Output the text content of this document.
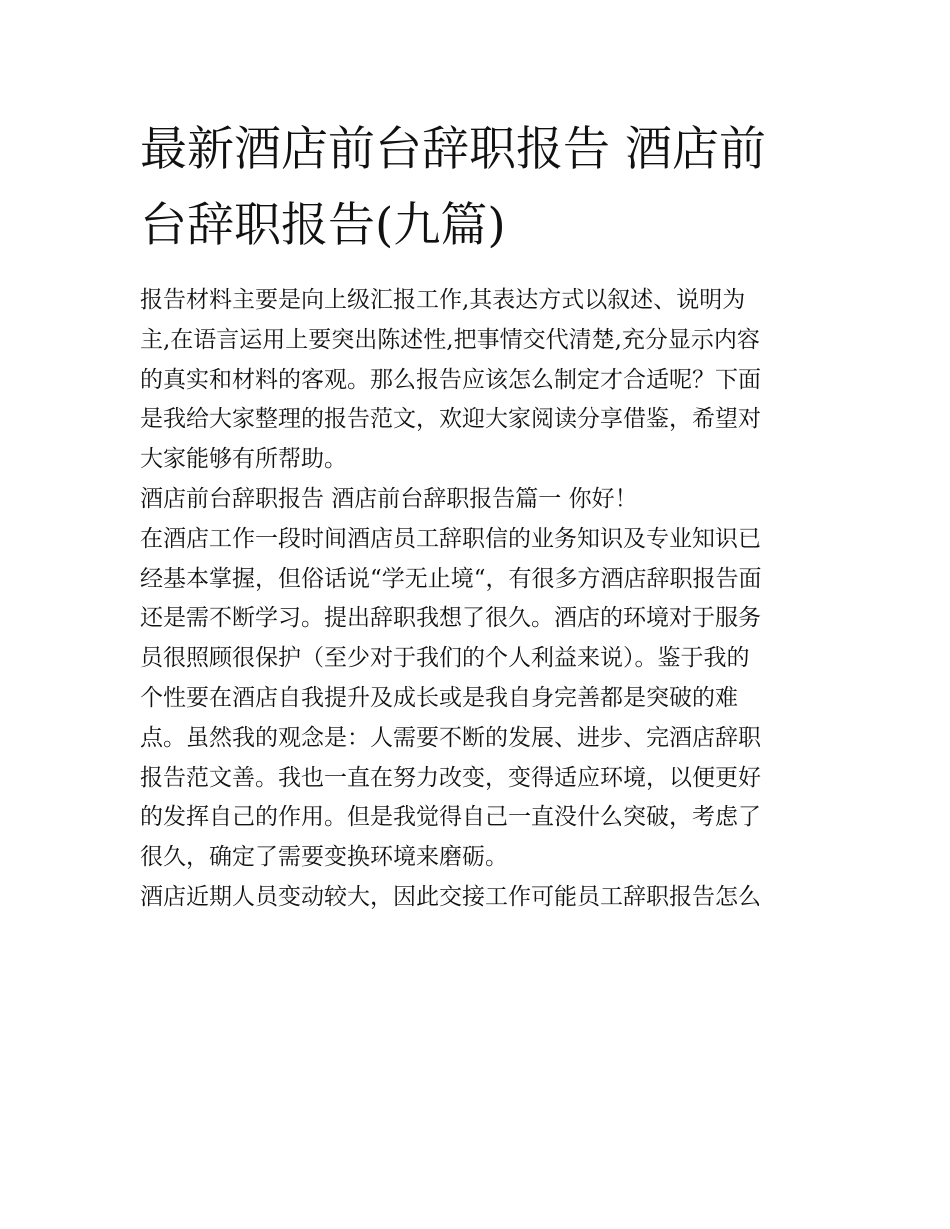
最新酒店前台辞职报告 酒店前
台辞职报告(九篇)

报告材料主要是向上级汇报工作,其表达方式以叙述、说明为
主,在语言运用上要突出陈述性,把事情交代清楚,充分显示内容
的真实和材料的客观。那么报告应该怎么制定才合适呢？下面
是我给大家整理的报告范文，欢迎大家阅读分享借鉴，希望对
大家能够有所帮助。

酒店前台辞职报告 酒店前台辞职报告篇一 你好！

在酒店工作一段时间酒店员工辞职信的业务知识及专业知识已
经基本掌握，但俗话说“学无止境“，有很多方酒店辞职报告面
还是需不断学习。提出辞职我想了很久。酒店的环境对于服务
员很照顾很保护（至少对于我们的个人利益来说）。鉴于我的
个性要在酒店自我提升及成长或是我自身完善都是突破的难
点。虽然我的观念是：人需要不断的发展、进步、完酒店辞职
报告范文善。我也一直在努力改变，变得适应环境，以便更好
的发挥自己的作用。但是我觉得自己一直没什么突破，考虑了
很久，确定了需要变换环境来磨砺。

酒店近期人员变动较大，因此交接工作可能员工辞职报告怎么
